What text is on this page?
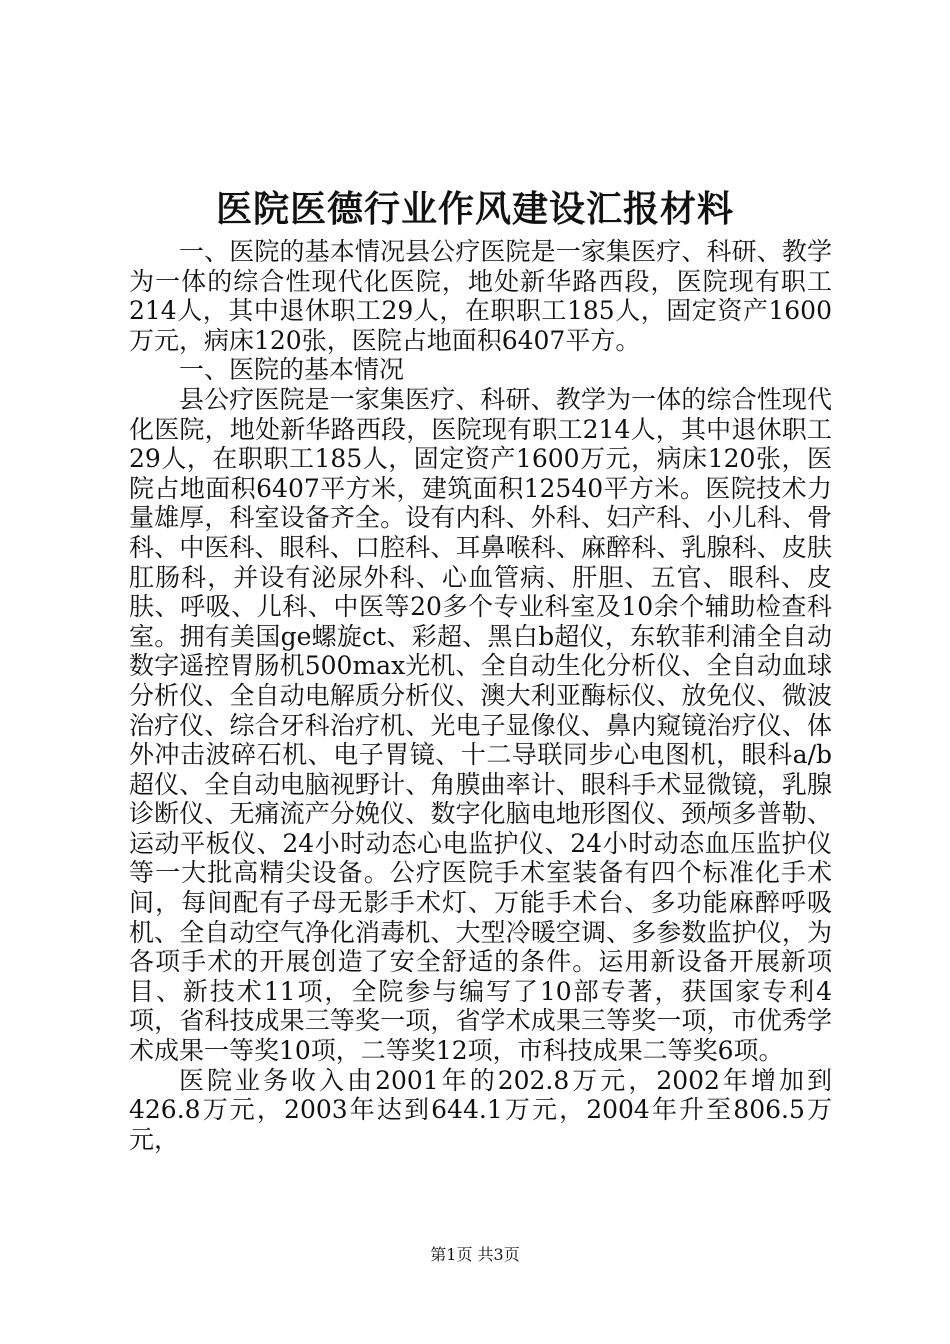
医院医德行业作风建设汇报材料

一、医院的基本情况县公疗医院是一家集医疗、科研、教学为一体的综合性现代化医院，地处新华路西段，医院现有职工214人，其中退休职工29人，在职职工185人，固定资产1600万元，病床120张，医院占地面积6407平方。

一、医院的基本情况

县公疗医院是一家集医疗、科研、教学为一体的综合性现代化医院，地处新华路西段，医院现有职工214人，其中退休职工29人，在职职工185人，固定资产1600万元，病床120张，医院占地面积6407平方米，建筑面积12540平方米。医院技术力量雄厚，科室设备齐全。设有内科、外科、妇产科、小儿科、骨科、中医科、眼科、口腔科、耳鼻喉科、麻醉科、乳腺科、皮肤肛肠科，并设有泌尿外科、心血管病、肝胆、五官、眼科、皮肤、呼吸、儿科、中医等20多个专业科室及10余个辅助检查科室。拥有美国ge螺旋ct、彩超、黑白b超仪，东软菲利浦全自动数字遥控胃肠机500max光机、全自动生化分析仪、全自动血球分析仪、全自动电解质分析仪、澳大利亚酶标仪、放免仪、微波治疗仪、综合牙科治疗机、光电子显像仪、鼻内窥镜治疗仪、体外冲击波碎石机、电子胃镜、十二导联同步心电图机，眼科a/b超仪、全自动电脑视野计、角膜曲率计、眼科手术显微镜，乳腺诊断仪、无痛流产分娩仪、数字化脑电地形图仪、颈颅多普勒、运动平板仪、24小时动态心电监护仪、24小时动态血压监护仪等一大批高精尖设备。公疗医院手术室装备有四个标准化手术间，每间配有子母无影手术灯、万能手术台、多功能麻醉呼吸机、全自动空气净化消毒机、大型冷暖空调、多参数监护仪，为各项手术的开展创造了安全舒适的条件。运用新设备开展新项目、新技术11项，全院参与编写了10部专著，获国家专利4项，省科技成果三等奖一项，省学术成果三等奖一项，市优秀学术成果一等奖10项，二等奖12项，市科技成果二等奖6项。

医院业务收入由2001年的202.8万元，2002年增加到426.8万元，2003年达到644.1万元，2004年升至806.5万元，

第1页 共3页
